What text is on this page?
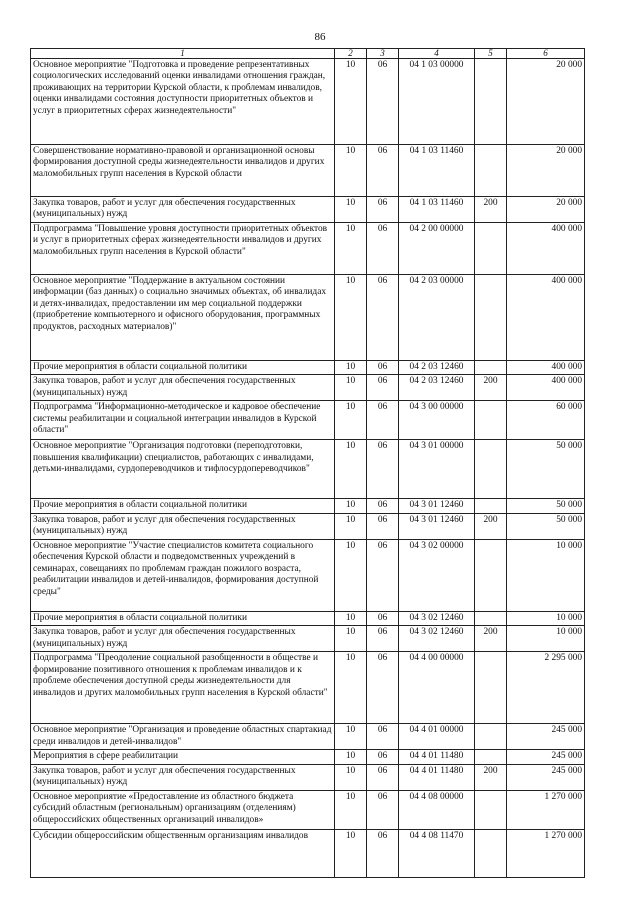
86
1	2	3	4	5	6
Основное мероприятие "Подготовка и проведение репрезентативных социологических исследований оценки инвалидами отношения граждан, проживающих на территории Курской области, к проблемам инвалидов, оценки инвалидами состояния доступности приоритетных объектов и услуг в приоритетных сферах жизнедеятельности"	10	06	04 1 03 00000		20 000
Совершенствование нормативно-правовой и организационной основы формирования доступной среды жизнедеятельности инвалидов и других маломобильных групп населения в Курской области	10	06	04 1 03 11460		20 000
Закупка товаров, работ и услуг для обеспечения государственных (муниципальных) нужд	10	06	04 1 03 11460	200	20 000
Подпрограмма "Повышение уровня доступности приоритетных объектов и услуг в приоритетных сферах жизнедеятельности инвалидов и других маломобильных групп населения в Курской области"	10	06	04 2 00 00000		400 000
Основное мероприятие "Поддержание в актуальном состоянии информации (баз данных) о социально значимых объектах, об инвалидах и детях-инвалидах, предоставлении им мер социальной поддержки (приобретение компьютерного и офисного оборудования, программных продуктов, расходных материалов)"	10	06	04 2 03 00000		400 000
Прочие мероприятия в области социальной политики	10	06	04 2 03 12460		400 000
Закупка товаров, работ и услуг для обеспечения государственных (муниципальных) нужд	10	06	04 2 03 12460	200	400 000
Подпрограмма "Информационно-методическое и кадровое обеспечение системы реабилитации и социальной интеграции инвалидов в Курской области"	10	06	04 3 00 00000		60 000
Основное мероприятие "Организация подготовки (переподготовки, повышения квалификации) специалистов, работающих с инвалидами, детьми-инвалидами, сурдопереводчиков и тифлосурдопереводчиков"	10	06	04 3 01 00000		50 000
Прочие мероприятия в области социальной политики	10	06	04 3 01 12460		50 000
Закупка товаров, работ и услуг для обеспечения государственных (муниципальных) нужд	10	06	04 3 01 12460	200	50 000
Основное мероприятие "Участие специалистов комитета социального обеспечения Курской области и подведомственных учреждений в семинарах, совещаниях по проблемам граждан пожилого возраста, реабилитации инвалидов и детей-инвалидов, формирования доступной среды"	10	06	04 3 02 00000		10 000
Прочие мероприятия в области социальной политики	10	06	04 3 02 12460		10 000
Закупка товаров, работ и услуг для обеспечения государственных (муниципальных) нужд	10	06	04 3 02 12460	200	10 000
Подпрограмма "Преодоление социальной разобщенности в обществе и формирование позитивного отношения к проблемам инвалидов и к проблеме обеспечения доступной среды жизнедеятельности для инвалидов и других маломобильных групп населения в Курской области"	10	06	04 4 00 00000		2 295 000
Основное мероприятие "Организация и проведение областных спартакиад среди инвалидов и детей-инвалидов"	10	06	04 4 01 00000		245 000
Мероприятия в сфере реабилитации	10	06	04 4 01 11480		245 000
Закупка товаров, работ и услуг для обеспечения государственных (муниципальных) нужд	10	06	04 4 01 11480	200	245 000
Основное мероприятие «Предоставление из областного бюджета субсидий областным (региональным) организациям (отделениям) общероссийских общественных организаций инвалидов»	10	06	04 4 08 00000		1 270 000
Субсидии общероссийским общественным организациям инвалидов	10	06	04 4 08 11470		1 270 000
